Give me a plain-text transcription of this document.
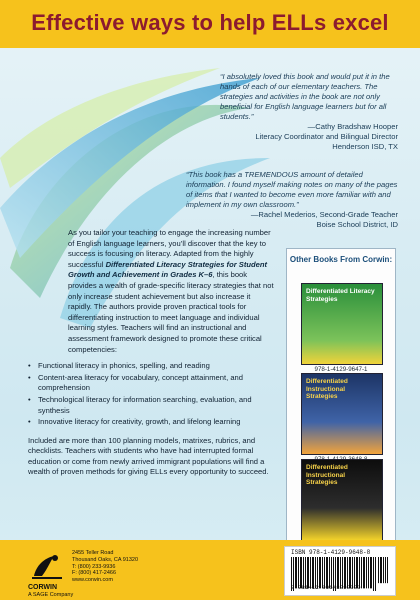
Effective ways to help ELLs excel
“I absolutely loved this book and would put it in the hands of each of our elementary teachers. The strategies and activities in the book are not only beneficial for English language learners but for all students.”
—Cathy Bradshaw Hooper
Literacy Coordinator and Bilingual Director
Henderson ISD, TX
“This book has a TREMENDOUS amount of detailed information. I found myself making notes on many of the pages of items that I wanted to become even more familiar with and implement in my own classroom.”
—Rachel Mederios, Second-Grade Teacher
Boise School District, ID

As you tailor your teaching to engage the increasing number of English language learners, you’ll discover that the key to success is focusing on literacy. Adapted from the highly successful Differentiated Literacy Strategies for Student Growth and Achievement in Grades K–6, this book provides a wealth of grade-specific literacy strategies that not only increase student achievement but also increase it rapidly. The authors provide proven practical tools for differentiating instruction to meet language and individual learning styles. Teachers will find an instructional and assessment framework designed to promote these critical competencies:

• Functional literacy in phonics, spelling, and reading
• Content-area literacy for vocabulary, concept attainment, and comprehension
• Technological literacy for information searching, evaluation, and synthesis
• Innovative literacy for creativity, growth, and lifelong learning

Included are more than 100 planning models, matrixes, rubrics, and checklists. Teachers with students who have had interrupted formal education or come from newly arrived immigrant populations will find a wealth of proven methods for giving ELLs every opportunity to succeed.

Other Books From Corwin:
Differentiated Literacy Strategies
978-1-4129-9647-1
Differentiated Instructional Strategies
Differentiated Instructional Strategies
CORWIN
A SAGE Company
2455 Teller Road
Thousand Oaks, CA 91320
T: (800) 233-9936
F: (800) 417-2466
www.corwin.com
ISBN 978-1-4129-9648-8
9 781412 996488 90000
